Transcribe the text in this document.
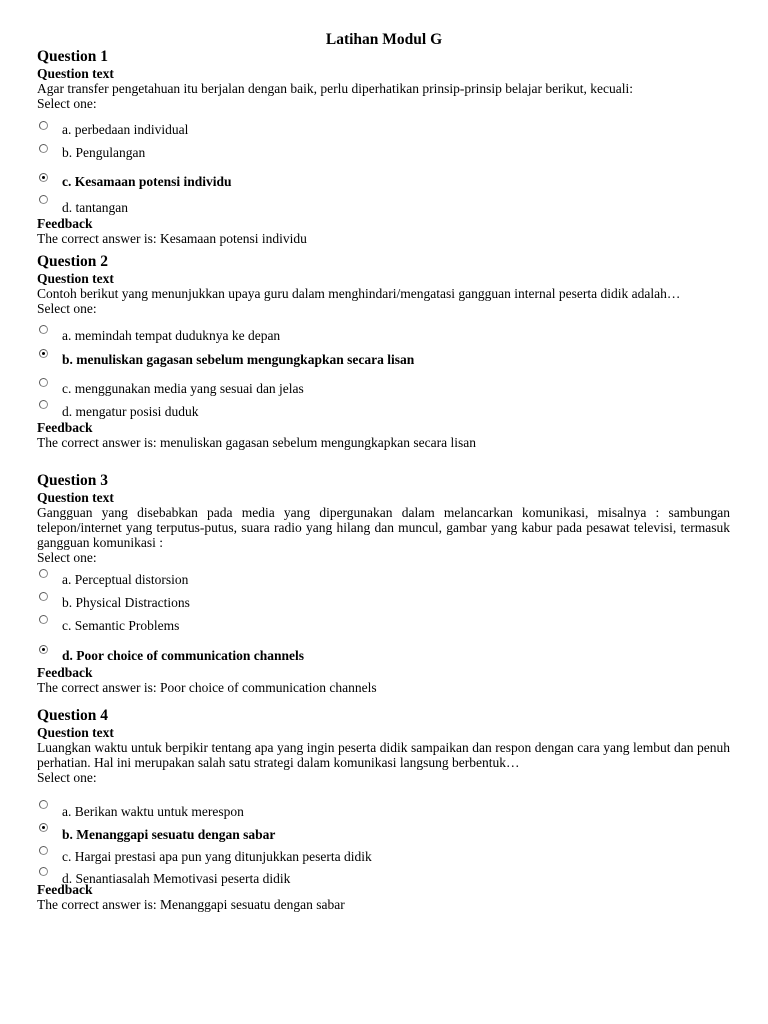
Latihan Modul G
Question 1
Question text
Agar transfer pengetahuan itu berjalan dengan baik, perlu diperhatikan prinsip-prinsip belajar berikut, kecuali:
Select one:
a. perbedaan individual
b. Pengulangan
c. Kesamaan potensi individu
d. tantangan
Feedback
The correct answer is: Kesamaan potensi individu
Question 2
Question text
Contoh berikut yang menunjukkan upaya guru dalam menghindari/mengatasi gangguan internal peserta didik adalah…
Select one:
a. memindah tempat duduknya ke depan
b. menuliskan gagasan sebelum mengungkapkan secara lisan
c. menggunakan media yang sesuai dan jelas
d. mengatur posisi duduk
Feedback
The correct answer is: menuliskan gagasan sebelum mengungkapkan secara lisan
Question 3
Question text
Gangguan yang disebabkan pada media yang dipergunakan dalam melancarkan komunikasi, misalnya : sambungan telepon/internet yang terputus-putus, suara radio yang hilang dan muncul, gambar yang kabur pada pesawat televisi, termasuk gangguan komunikasi :
Select one:
a. Perceptual distorsion
b. Physical Distractions
c. Semantic Problems
d. Poor choice of communication channels
Feedback
The correct answer is: Poor choice of communication channels
Question 4
Question text
Luangkan waktu untuk berpikir tentang apa yang ingin peserta didik sampaikan dan respon dengan cara yang lembut dan penuh perhatian. Hal ini merupakan salah satu strategi dalam komunikasi langsung berbentuk…
Select one:
a. Berikan waktu untuk merespon
b. Menanggapi sesuatu dengan sabar
c. Hargai prestasi apa pun yang ditunjukkan peserta didik
d. Senantiasalah Memotivasi peserta didik
Feedback
The correct answer is: Menanggapi sesuatu dengan sabar
